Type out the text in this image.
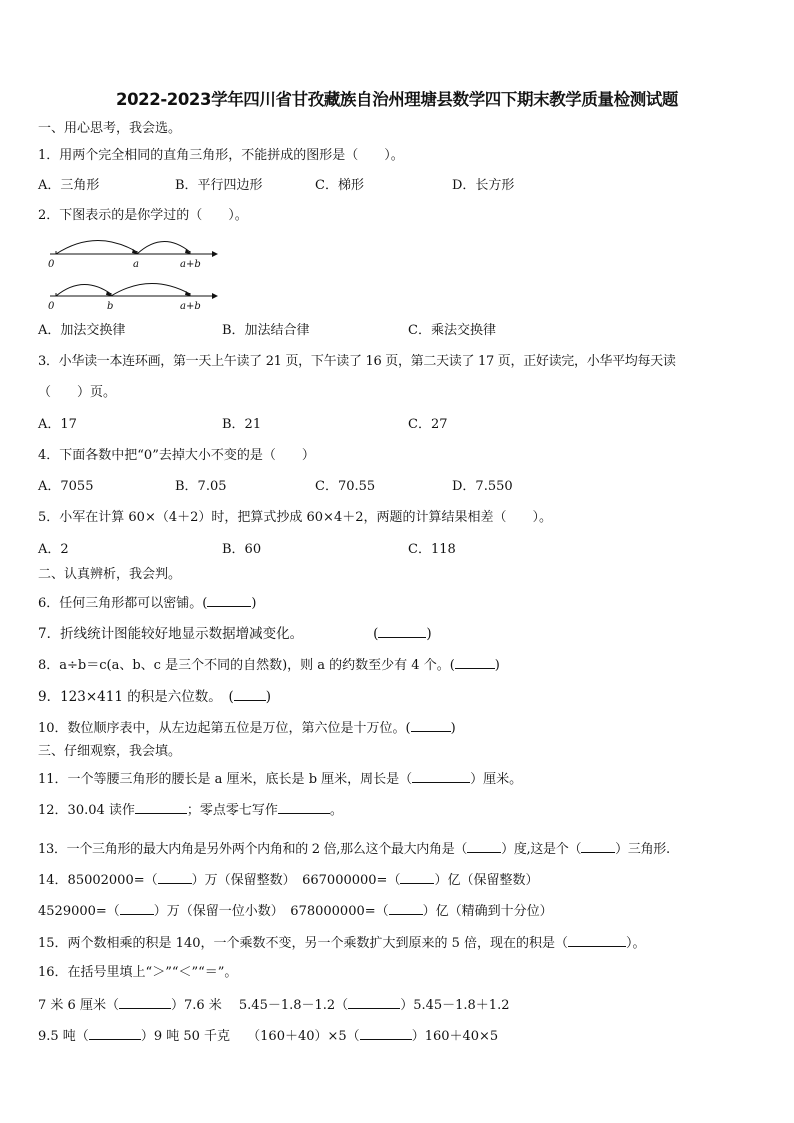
2022-2023学年四川省甘孜藏族自治州理塘县数学四下期末教学质量检测试题
一、用心思考，我会选。
1．用两个完全相同的直角三角形，不能拼成的图形是（　　）。
A．三角形	B．平行四边形	C．梯形	D．长方形
2．下图表示的是你学过的（　　）。
0	a	a+b
0	b	a+b
A．加法交换律	B．加法结合律	C．乘法交换律
3．小华读一本连环画，第一天上午读了 21 页，下午读了 16 页，第二天读了 17 页，正好读完，小华平均每天读
（　　）页。
A．17	B．21	C．27
4．下面各数中把“0”去掉大小不变的是（　　）
A．7055	B．7.05	C．70.55	D．7.550
5．小军在计算 60×（4＋2）时，把算式抄成 60×4＋2，两题的计算结果相差（　　）。
A．2	B．60	C．118
二、认真辨析，我会判。
6．任何三角形都可以密铺。(	)
7．折线统计图能较好地显示数据增减变化。	(	)
8．a÷b＝c(a、b、c 是三个不同的自然数)，则 a 的约数至少有 4 个。(	)
9．123×411 的积是六位数。　( )
10．数位顺序表中，从左边起第五位是万位，第六位是十万位。(	)
三、仔细观察，我会填。
11．一个等腰三角形的腰长是 a 厘米，底长是 b 厘米，周长是（	）厘米。
12．30.04 读作	；零点零七写作	。
13．一个三角形的最大内角是另外两个内角和的 2 倍,那么这个最大内角是（	）度,这是个（	）三角形.
14．85002000=（	）万（保留整数）　667000000=（	）亿（保留整数）
4529000=（	）万（保留一位小数）　678000000=（	）亿（精确到十分位）
15．两个数相乘的积是 140，一个乘数不变，另一个乘数扩大到原来的 5 倍，现在的积是（	）。
16．在括号里填上“＞”“＜”“＝”。
7 米 6 厘米（	）7.6 米　 5.45－1.8－1.2（	）5.45－1.8＋1.2
9.5 吨（	）9 吨 50 千克　 （160＋40）×5（	）160＋40×5
